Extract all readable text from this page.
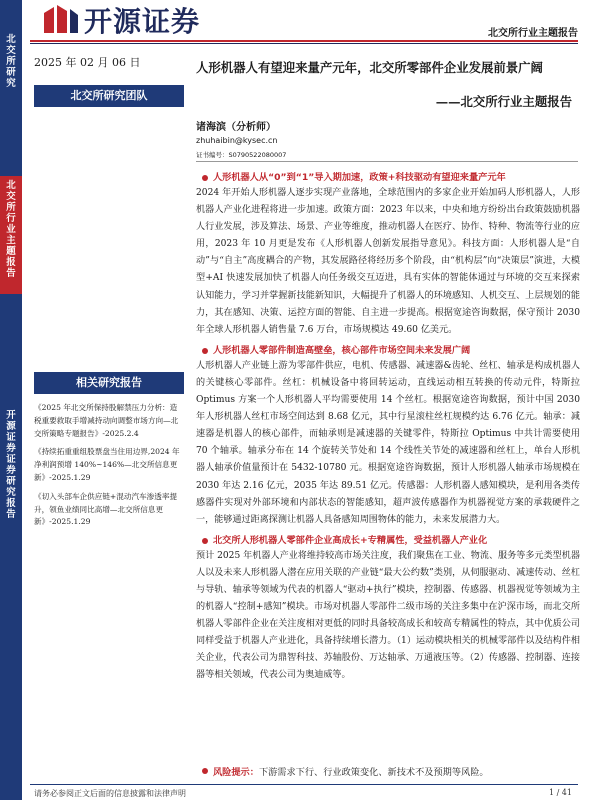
北
交
所
研
究
北
交
所
行
业
主
题
报
告
开
源
证
券
证
券
研
究
报
告
开源证券	北交所行业主题报告
2025 年 02 月 06 日
北交所研究团队
相关研究报告
《2025 年北交所保持股解禁压力分析：造税重要救取手增减持动向调整市场方向—北交所策略专题报告》-2025.2.4
《持续拓重重组股票盘当住用边界,2024 年净利润预增 140%~146%—北交所信息更新》-2025.1.29
《切入头部车企供应链+混动汽车渗透率提升，领鱼业绩同比高增—北交所信息更新》-2025.1.29
人形机器人有望迎来量产元年，北交所零部件企业发展前景广阔
——北交所行业主题报告
诸海滨（分析师）
zhuhaibin@kysec.cn
证书编号：S0790522080007
人形机器人从“0”到“1”导入期加速，政策+科技驱动有望迎来量产元年
2024 年开始人形机器人逐步实现产业落地，全球范围内的多家企业开始加码人形机器人，人形机器人产业化进程将进一步加速。政策方面：2023 年以来，中央和地方纷纷出台政策鼓励机器人行业发展，涉及算法、场景、产业等维度，推动机器人在医疗、协作、特种、物流等行业的应用，2023 年 10 月更是发布《人形机器人创新发展指导意见》。科技方面：人形机器人是“自动”与“自主”高度耦合的产物，其发展路径将经历多个阶段，由“机构层”向“决策层”演进，大模型+AI 快速发展加快了机器人向任务级交互迈进，具有实体的智能体通过与环境的交互来探索认知能力，学习并掌握新技能新知识，大幅提升了机器人的环境感知、人机交互、上层规划的能力，其在感知、决策、运控方面的智能、自主进一步提高。根据宽途咨询数据，保守预计 2030 年全球人形机器人销售量 7.6 万台，市场规模达 49.60 亿美元。
人形机器人零部件制造高壁垒，核心部件市场空间未来发展广阔
人形机器人产业链上游为零部件供应，电机、传感器、减速器&齿轮、丝杠、轴承是构成机器人的关键核心零部件。丝杠：机械设备中将回转运动，直线运动相互转换的传动元件，特斯拉 Optimus 方案一个人形机器人平均需要使用 14 个丝杠。根据宽途咨询数据，预计中国 2030 年人形机器人丝杠市场空间达到 8.68 亿元，其中行星滚柱丝杠规模约达 6.76 亿元。轴承：减速器是机器人的核心部件，而轴承则是减速器的关键零件，特斯拉 Optimus 中共计需要使用 70 个轴承。轴承分布在 14 个旋转关节处和 14 个线性关节处的减速器和丝杠上，单台人形机器人轴承价值量预计在 5432-10780 元。根据宽途咨询数据，预计人形机器人轴承市场规模在 2030 年达 2.16 亿元，2035 年达 89.51 亿元。传感器：人形机器人感知模块，是利用各类传感器件实现对外部环境和内部状态的智能感知，超声波传感器作为机器视觉方案的承载硬件之一，能够通过距离探测让机器人具备感知周围物体的能力，未来发展潜力大。
北交所人形机器人零部件企业高成长+专精属性，受益机器人产业化
预计 2025 年机器人产业将维持较高市场关注度，我们聚焦在工业、物流、服务等多元类型机器人以及未来人形机器人潜在应用关联的产业链“最大公约数”类别，从伺服驱动、减速传动、丝杠与导轨、轴承等领域为代表的机器人“驱动+执行”模块，控制器、传感器、机器视觉等领域为主的机器人“控制+感知”模块。市场对机器人零部件二级市场的关注多集中在沪深市场，而北交所机器人零部件企业在关注度相对更低的同时具备较高成长和较高专精属性的特点，其中优质公司同样受益于机器人产业进化，具备持续增长潜力。（1）运动模块相关的机械零部件以及结构件相关企业，代表公司为鼎智科技、苏轴股份、万达轴承、万通液压等。（2）传感器、控制器、连接器等相关领域，代表公司为奥迪威等。
风险提示： 下游需求下行、行业政策变化、新技术不及预期等风险。
请务必参阅正文后面的信息披露和法律声明	1 / 41
